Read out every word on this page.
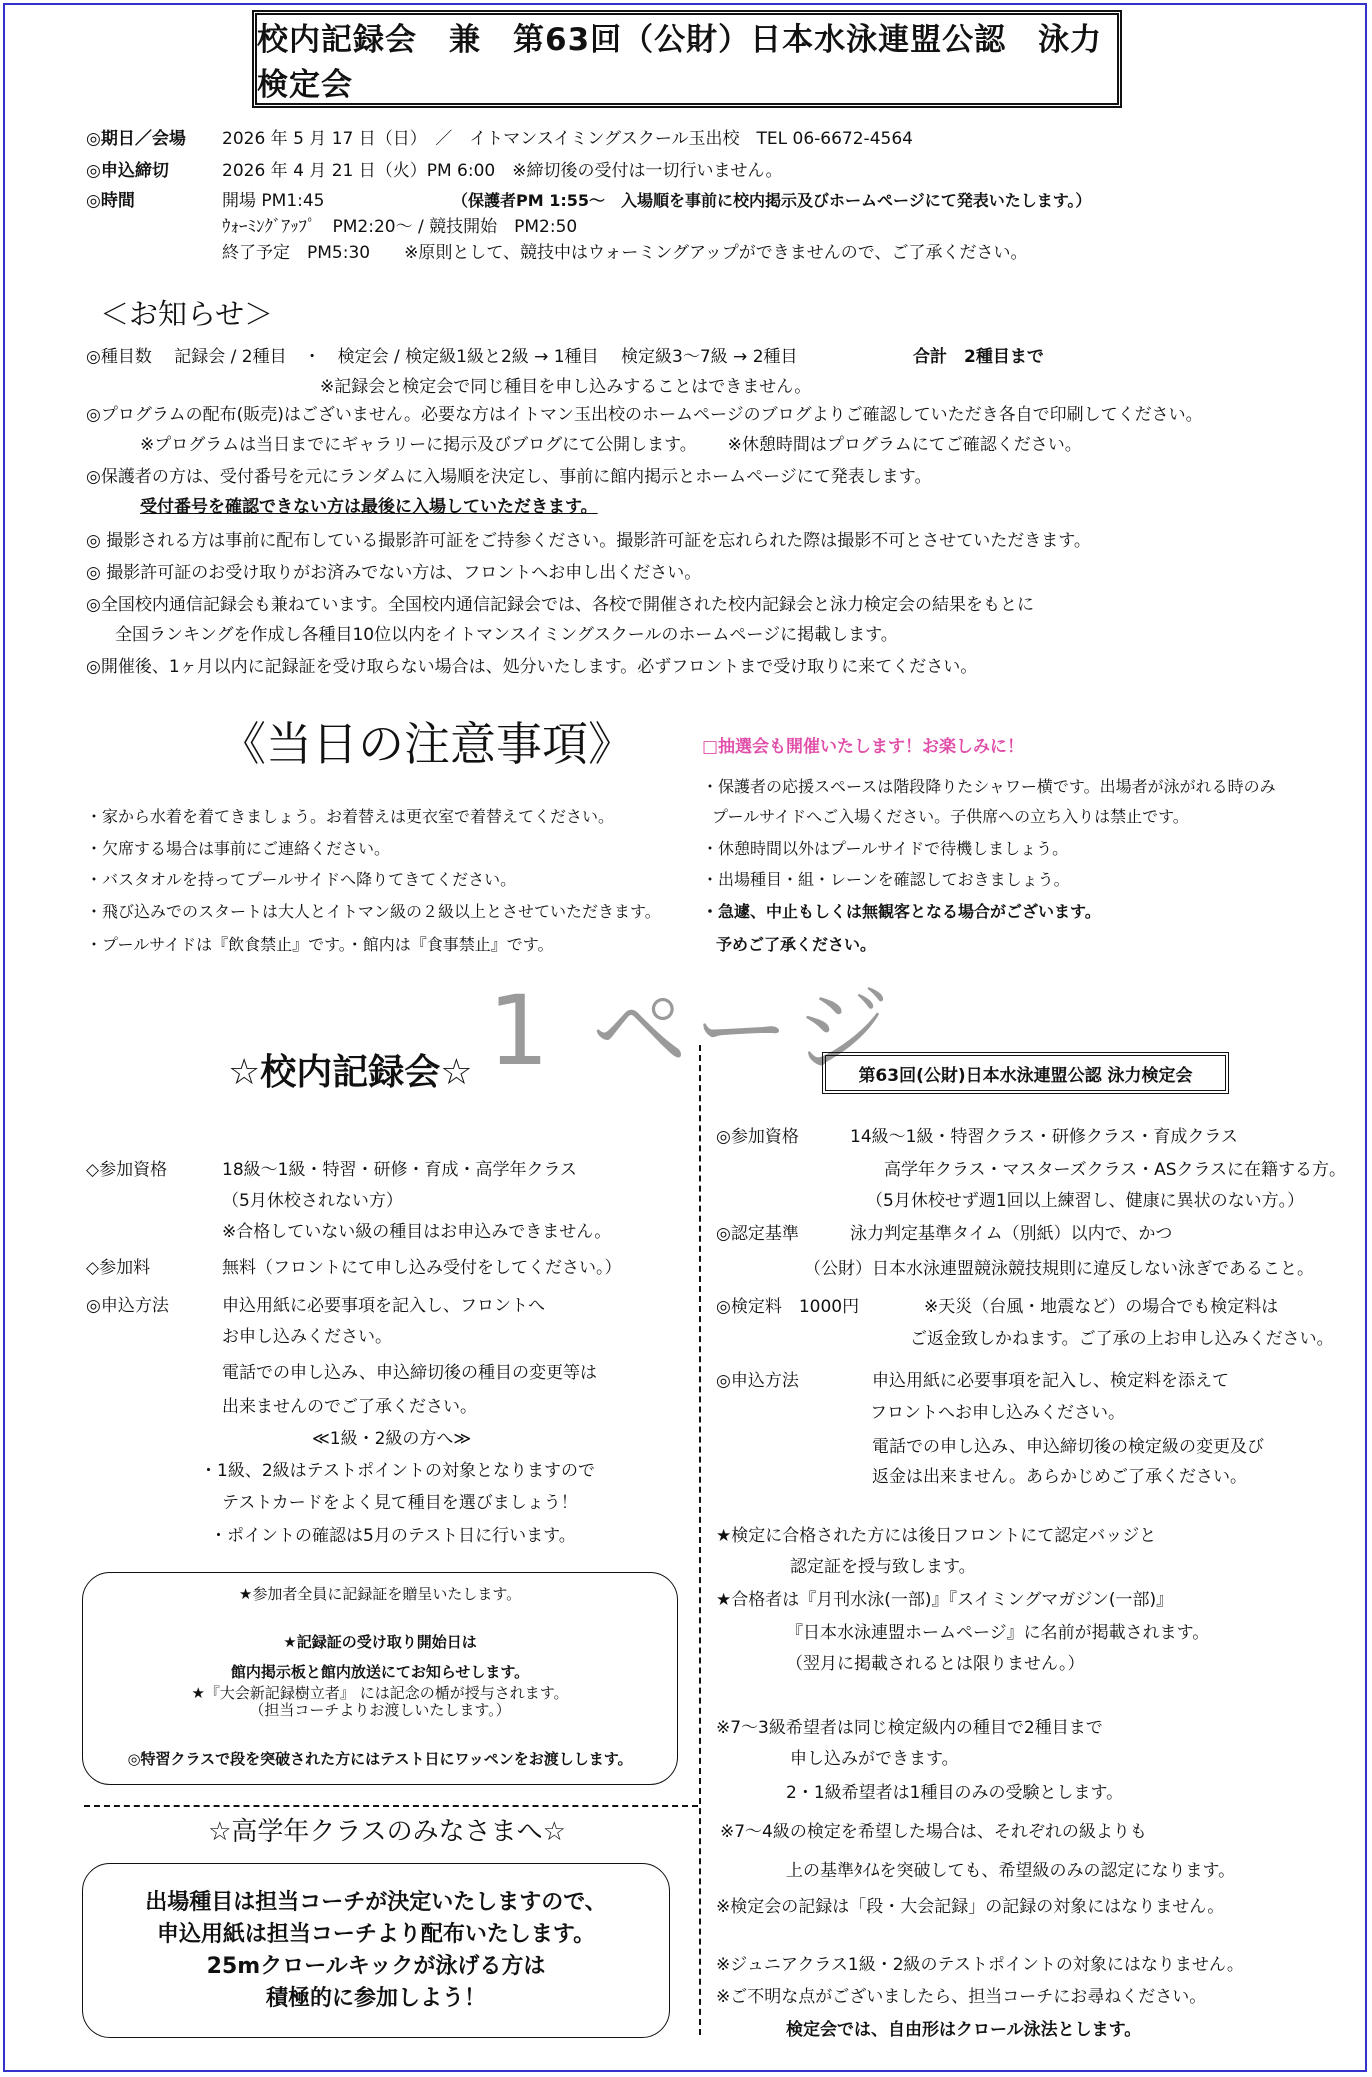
校内記録会　兼　第63回（公財）日本水泳連盟公認　泳力検定会
◎期日／会場 2026 年 5 月 17 日（日）　／　イトマンスイミングスクール玉出校　TEL 06-6672-4564
◎申込締切	2026 年 4 月 21 日（火）PM 6:00　※締切後の受付は一切行いません。
◎時間	開場 PM1:45	（保護者PM 1:55～　入場順を事前に校内掲示及びホームページにて発表いたします。）
ｳｫｰﾐﾝｸﾞｱｯﾌﾟ　PM2:20～ / 競技開始　PM2:50
終了予定　PM5:30　　※原則として、競技中はウォーミングアップができませんので、ご了承ください。
＜お知らせ＞
◎種目数　 記録会 / 2種目　・　検定会 / 検定級1級と2級 → 1種目　 検定級3～7級 → 2種目	合計　2種目まで
※記録会と検定会で同じ種目を申し込みすることはできません。
◎プログラムの配布(販売)はございません。必要な方はイトマン玉出校のホームページのブログよりご確認していただき各自で印刷してください。
※プログラムは当日までにギャラリーに掲示及びブログにて公開します。　　 ※休憩時間はプログラムにてご確認ください。
◎保護者の方は、受付番号を元にランダムに入場順を決定し、事前に館内掲示とホームページにて発表します。
受付番号を確認できない方は最後に入場していただきます。
◎ 撮影される方は事前に配布している撮影許可証をご持参ください。撮影許可証を忘れられた際は撮影不可とさせていただきます。
◎ 撮影許可証のお受け取りがお済みでない方は、フロントへお申し出ください。
◎全国校内通信記録会も兼ねています。全国校内通信記録会では、各校で開催された校内記録会と泳力検定会の結果をもとに
全国ランキングを作成し各種目10位以内をイトマンスイミングスクールのホームページに掲載します。
◎開催後、1ヶ月以内に記録証を受け取らない場合は、処分いたします。必ずフロントまで受け取りに来てください。
《当日の注意事項》	□抽選会も開催いたします！お楽しみに！
・家から水着を着てきましょう。お着替えは更衣室で着替えてください。
・欠席する場合は事前にご連絡ください。
・バスタオルを持ってプールサイドへ降りてきてください。
・飛び込みでのスタートは大人とイトマン級の２級以上とさせていただきます。
・プールサイドは『飲食禁止』です。・館内は『食事禁止』です。
・保護者の応援スペースは階段降りたシャワー横です。出場者が泳がれる時のみ
プールサイドへご入場ください。子供席への立ち入りは禁止です。
・休憩時間以外はプールサイドで待機しましょう。
・出場種目・組・レーンを確認しておきましょう。
・急遽、中止もしくは無観客となる場合がございます。
予めご了承ください。
1 ページ
☆校内記録会☆
◇参加資格	18級～1級・特習・研修・育成・高学年クラス
（5月休校されない方）
※合格していない級の種目はお申込みできません。
◇参加料	無料（フロントにて申し込み受付をしてください。）
◎申込方法	申込用紙に必要事項を記入し、フロントへ
お申し込みください。
電話での申し込み、申込締切後の種目の変更等は
出来ませんのでご了承ください。
≪1級・2級の方へ≫
・1級、2級はテストポイントの対象となりますので
テストカードをよく見て種目を選びましょう！
・ポイントの確認は5月のテスト日に行います。
★参加者全員に記録証を贈呈いたします。
★記録証の受け取り開始日は
館内掲示板と館内放送にてお知らせします。
★『大会新記録樹立者』 には記念の楯が授与されます。
（担当コーチよりお渡しいたします。）
◎特習クラスで段を突破された方にはテスト日にワッペンをお渡しします。
☆高学年クラスのみなさまへ☆
出場種目は担当コーチが決定いたしますので、
申込用紙は担当コーチより配布いたします。
25mクロールキックが泳げる方は
積極的に参加しよう！
第63回(公財)日本水泳連盟公認 泳力検定会
◎参加資格	14級～1級・特習クラス・研修クラス・育成クラス
高学年クラス・マスターズクラス・ASクラスに在籍する方。
（5月休校せず週1回以上練習し、健康に異状のない方。）
◎認定基準	泳力判定基準タイム（別紙）以内で、かつ
（公財）日本水泳連盟競泳競技規則に違反しない泳ぎであること。
◎検定料　1000円	※天災（台風・地震など）の場合でも検定料は
ご返金致しかねます。ご了承の上お申し込みください。
◎申込方法	申込用紙に必要事項を記入し、検定料を添えて
フロントへお申し込みください。
電話での申し込み、申込締切後の検定級の変更及び
返金は出来ません。あらかじめご了承ください。
★検定に合格された方には後日フロントにて認定バッジと
認定証を授与致します。
★合格者は『月刊水泳(一部)』『スイミングマガジン(一部)』
『日本水泳連盟ホームページ』に名前が掲載されます。
（翌月に掲載されるとは限りません。）
※7～3級希望者は同じ検定級内の種目で2種目まで
申し込みができます。
2・1級希望者は1種目のみの受験とします。
※7～4級の検定を希望した場合は、それぞれの級よりも
上の基準ﾀｲﾑを突破しても、希望級のみの認定になります。
※検定会の記録は「段・大会記録」の記録の対象にはなりません。
※ジュニアクラス1級・2級のテストポイントの対象にはなりません。
※ご不明な点がございましたら、担当コーチにお尋ねください。
検定会では、自由形はクロール泳法とします。
